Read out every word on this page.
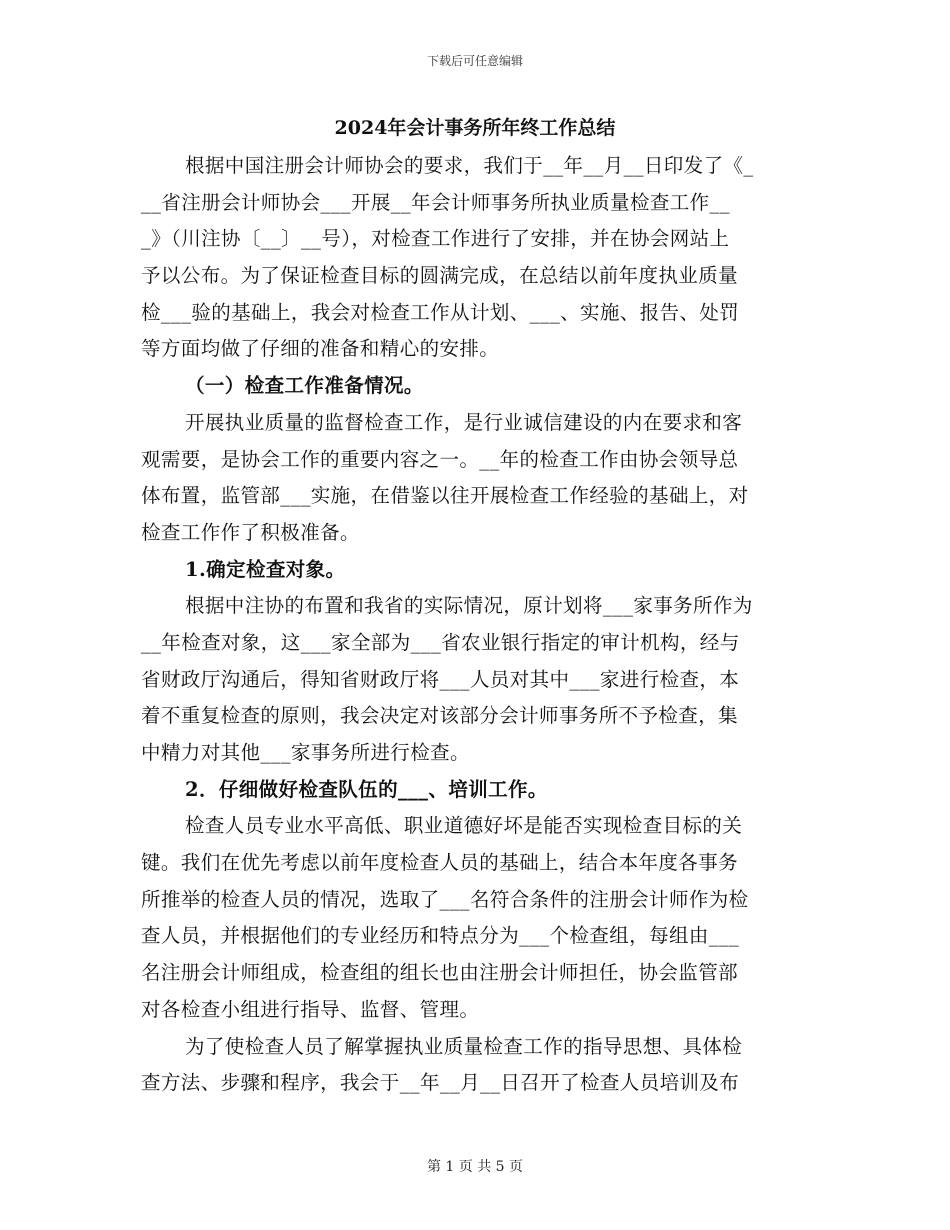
下载后可任意编辑
2024年会计事务所年终工作总结
根据中国注册会计师协会的要求，我们于__年__月__日印发了《_
__省注册会计师协会___开展__年会计师事务所执业质量检查工作__
_》（川注协〔__〕__号），对检查工作进行了安排，并在协会网站上
予以公布。为了保证检查目标的圆满完成，在总结以前年度执业质量
检___验的基础上，我会对检查工作从计划、___、实施、报告、处罚
等方面均做了仔细的准备和精心的安排。
（一）检查工作准备情况。
开展执业质量的监督检查工作，是行业诚信建设的内在要求和客
观需要，是协会工作的重要内容之一。__年的检查工作由协会领导总
体布置，监管部___实施，在借鉴以往开展检查工作经验的基础上，对
检查工作作了积极准备。
1.确定检查对象。
根据中注协的布置和我省的实际情况，原计划将___家事务所作为
__年检查对象，这___家全部为___省农业银行指定的审计机构，经与
省财政厅沟通后，得知省财政厅将___人员对其中___家进行检查，本
着不重复检查的原则，我会决定对该部分会计师事务所不予检查，集
中精力对其他___家事务所进行检查。
2．仔细做好检查队伍的___、培训工作。
检查人员专业水平高低、职业道德好坏是能否实现检查目标的关
键。我们在优先考虑以前年度检查人员的基础上，结合本年度各事务
所推举的检查人员的情况，选取了___名符合条件的注册会计师作为检
查人员，并根据他们的专业经历和特点分为___个检查组，每组由___
名注册会计师组成，检查组的组长也由注册会计师担任，协会监管部
对各检查小组进行指导、监督、管理。
为了使检查人员了解掌握执业质量检查工作的指导思想、具体检
查方法、步骤和程序，我会于__年__月__日召开了检查人员培训及布
第 1 页 共 5 页
